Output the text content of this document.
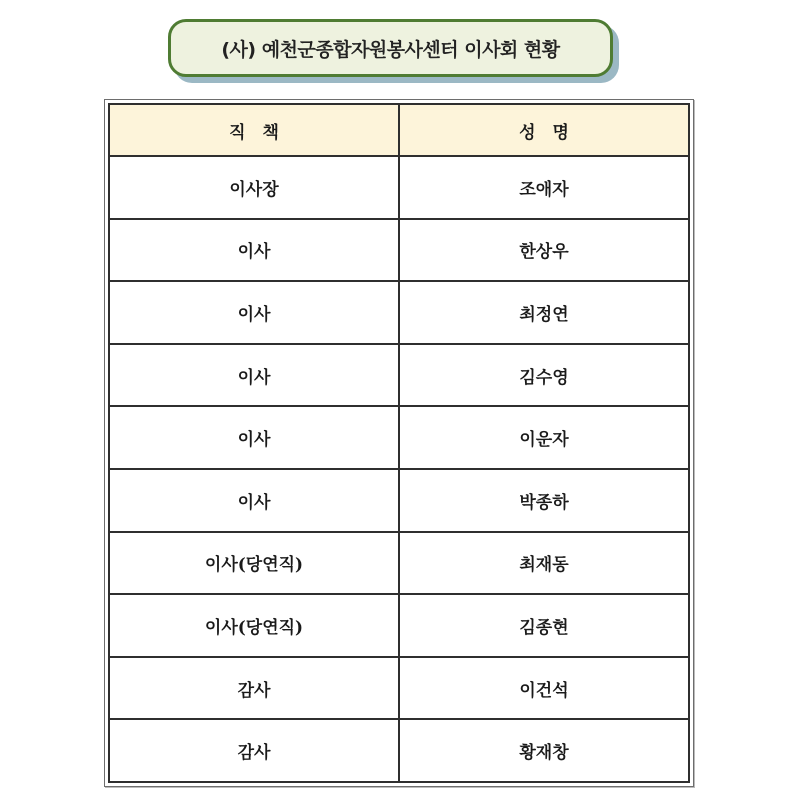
(사) 예천군종합자원봉사센터 이사회 현황
직　책	성　명
이사장	조애자
이사	한상우
이사	최정연
이사	김수영
이사	이운자
이사	박종하
이사(당연직)	최재동
이사(당연직)	김종현
감사	이건석
감사	황재창
